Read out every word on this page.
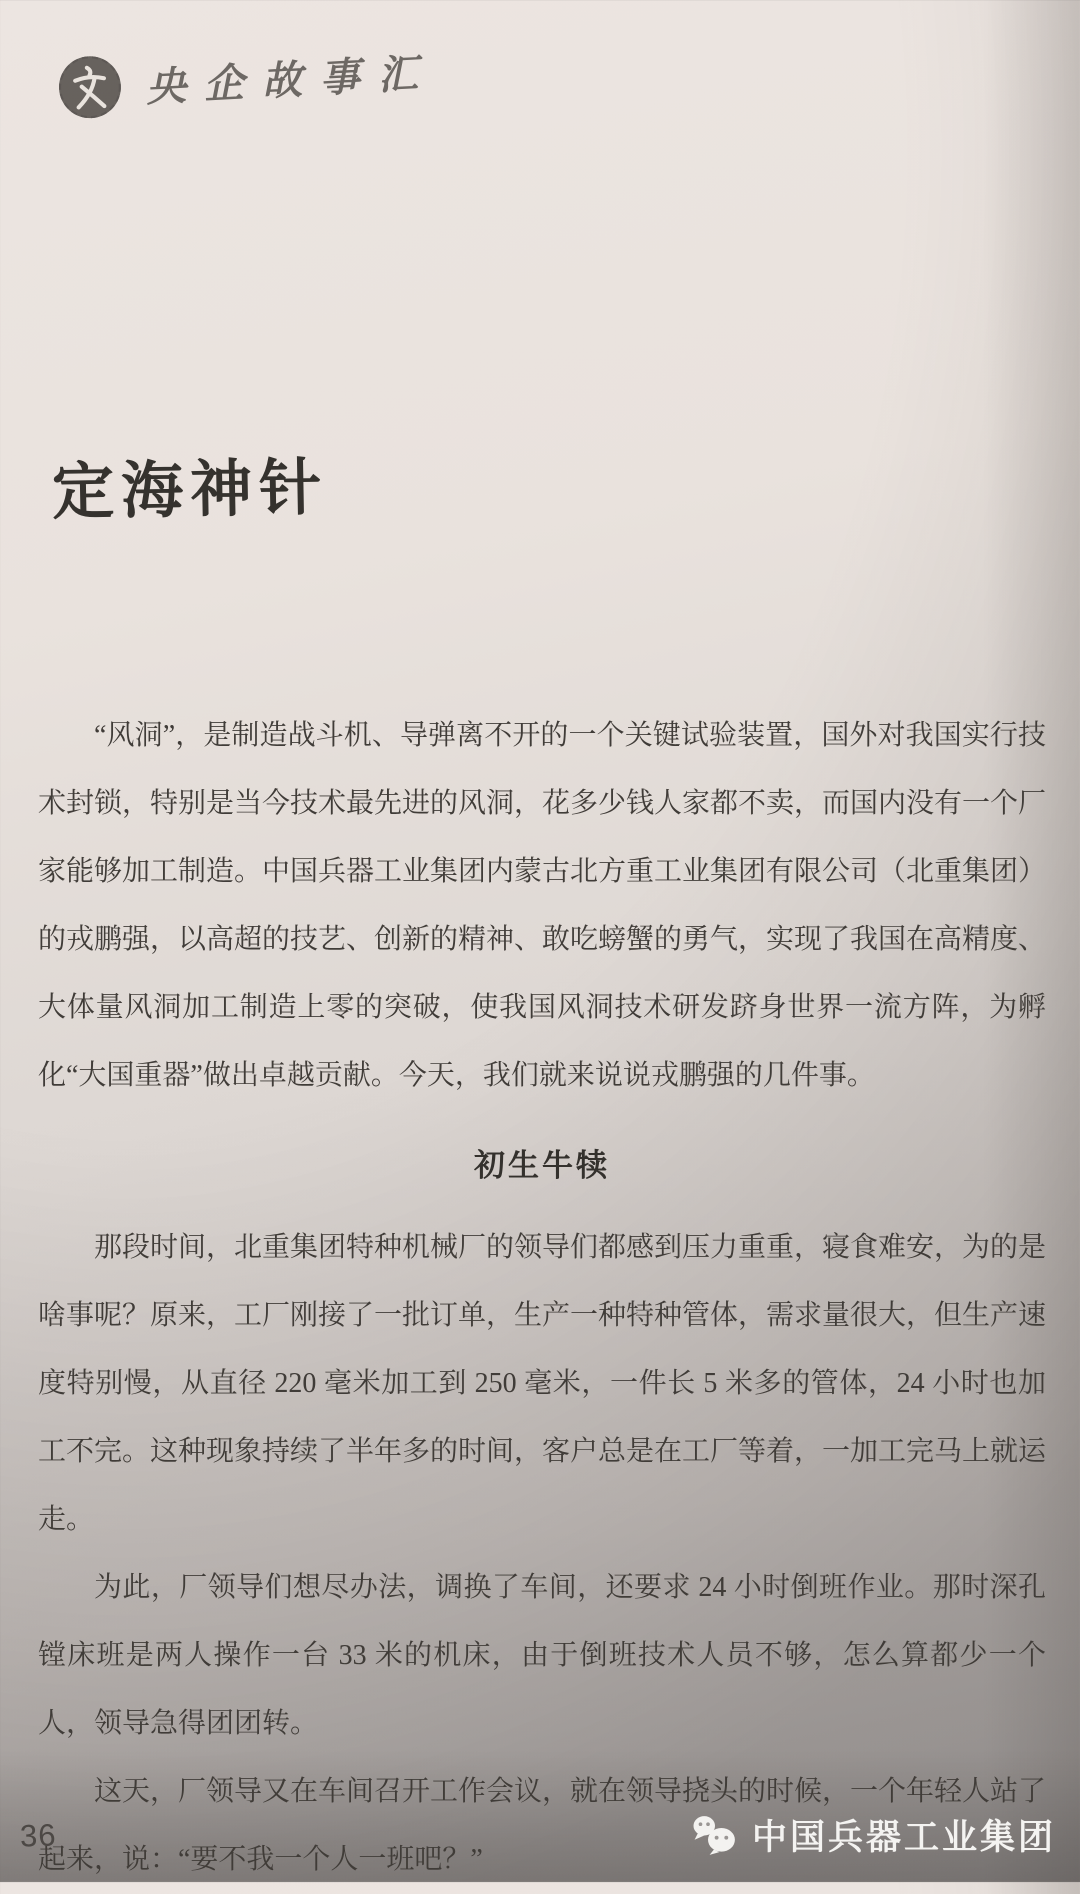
央企故事汇
定海神针

“风洞”，是制造战斗机、导弹离不开的一个关键试验装置，国外对我国实行技术封锁，特别是当今技术最先进的风洞，花多少钱人家都不卖，而国内没有一个厂家能够加工制造。中国兵器工业集团内蒙古北方重工业集团有限公司（北重集团）的戎鹏强，以高超的技艺、创新的精神、敢吃螃蟹的勇气，实现了我国在高精度、大体量风洞加工制造上零的突破，使我国风洞技术研发跻身世界一流方阵，为孵化“大国重器”做出卓越贡献。今天，我们就来说说戎鹏强的几件事。

初生牛犊

那段时间，北重集团特种机械厂的领导们都感到压力重重，寝食难安，为的是啥事呢？原来，工厂刚接了一批订单，生产一种特种管体，需求量很大，但生产速度特别慢，从直径 220 毫米加工到 250 毫米，一件长 5 米多的管体，24 小时也加工不完。这种现象持续了半年多的时间，客户总是在工厂等着，一加工完马上就运走。

为此，厂领导们想尽办法，调换了车间，还要求 24 小时倒班作业。那时深孔镗床班是两人操作一台 33 米的机床，由于倒班技术人员不够，怎么算都少一个人，领导急得团团转。

这天，厂领导又在车间召开工作会议，就在领导挠头的时候，一个年轻人站了起来，说：“要不我一个人一班吧？”

36	中国兵器工业集团
